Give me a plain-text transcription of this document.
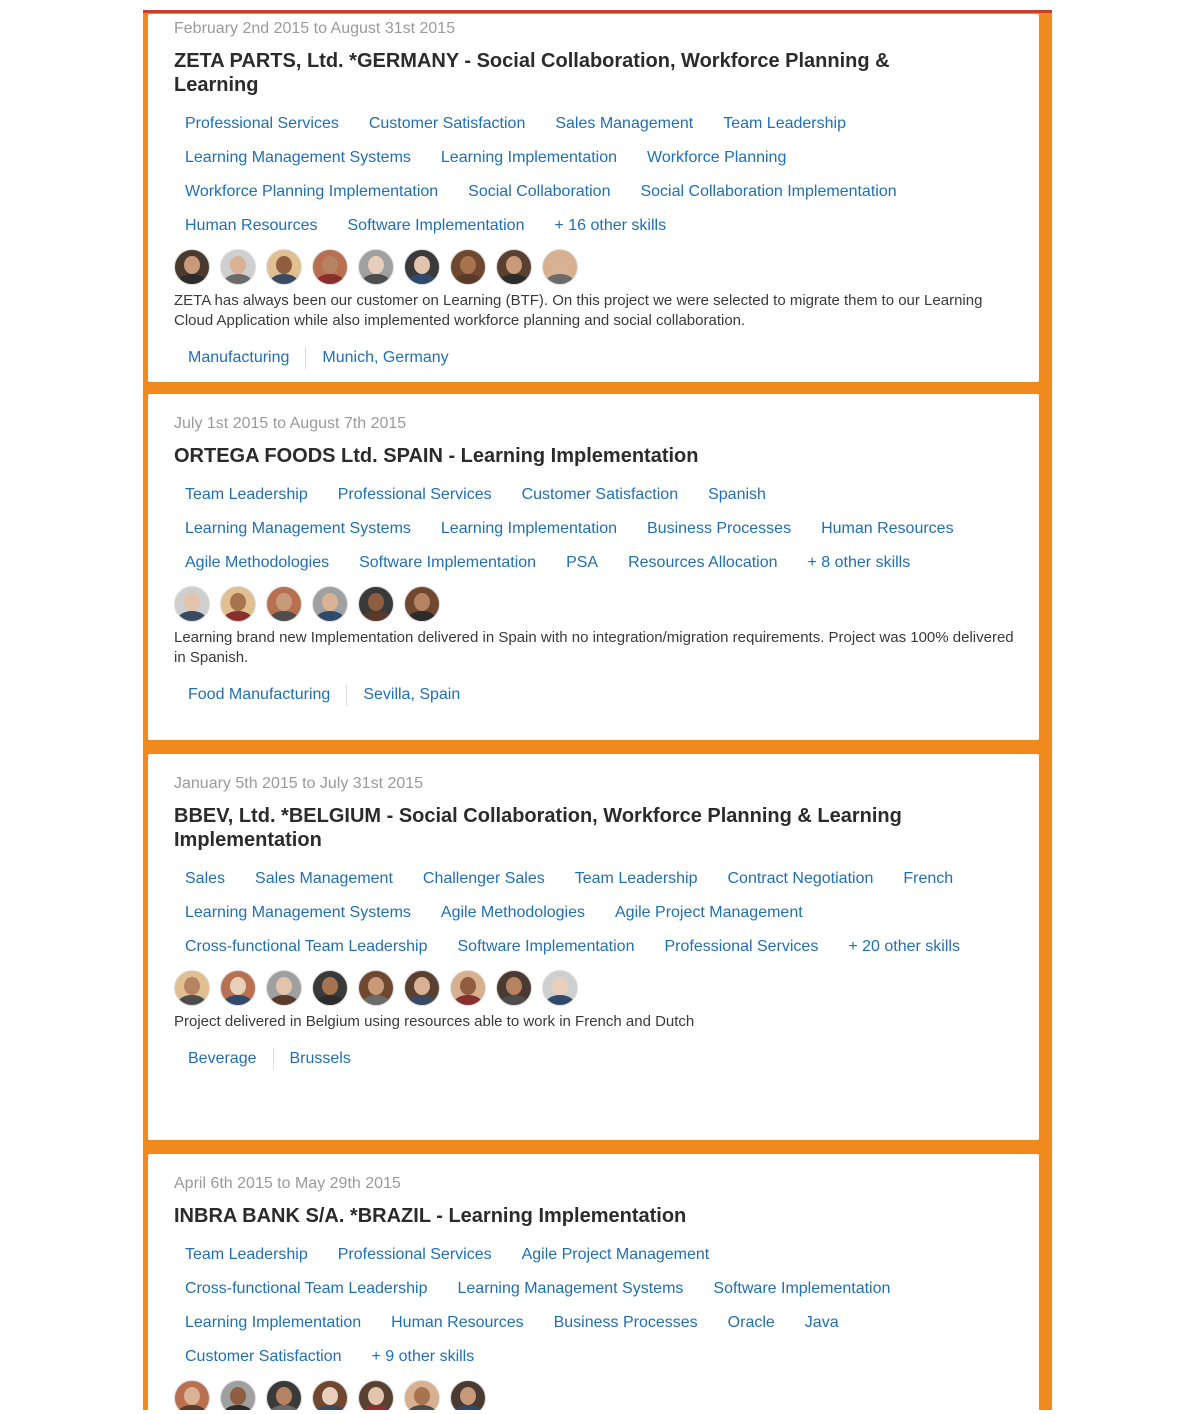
February 2nd 2015 to August 31st 2015
ZETA PARTS, Ltd. *GERMANY - Social Collaboration, Workforce Planning & Learning
Professional Services Customer Satisfaction Sales Management Team Leadership
Learning Management Systems Learning Implementation Workforce Planning
Workforce Planning Implementation Social Collaboration Social Collaboration Implementation
Human Resources Software Implementation + 16 other skills
ZETA has always been our customer on Learning (BTF). On this project we were selected to migrate them to our Learning Cloud Application while also implemented workforce planning and social collaboration.
Manufacturing Munich, Germany
July 1st 2015 to August 7th 2015
ORTEGA FOODS Ltd. SPAIN - Learning Implementation
Team Leadership Professional Services Customer Satisfaction Spanish
Learning Management Systems Learning Implementation Business Processes Human Resources
Agile Methodologies Software Implementation PSA Resources Allocation + 8 other skills
Learning brand new Implementation delivered in Spain with no integration/migration requirements. Project was 100% delivered in Spanish.
Food Manufacturing Sevilla, Spain
January 5th 2015 to July 31st 2015
BBEV, Ltd. *BELGIUM - Social Collaboration, Workforce Planning & Learning Implementation
Sales Sales Management Challenger Sales Team Leadership Contract Negotiation French
Learning Management Systems Agile Methodologies Agile Project Management
Cross-functional Team Leadership Software Implementation Professional Services + 20 other skills
Project delivered in Belgium using resources able to work in French and Dutch
Beverage Brussels
April 6th 2015 to May 29th 2015
INBRA BANK S/A. *BRAZIL - Learning Implementation
Team Leadership Professional Services Agile Project Management
Cross-functional Team Leadership Learning Management Systems Software Implementation
Learning Implementation Human Resources Business Processes Oracle Java
Customer Satisfaction + 9 other skills
